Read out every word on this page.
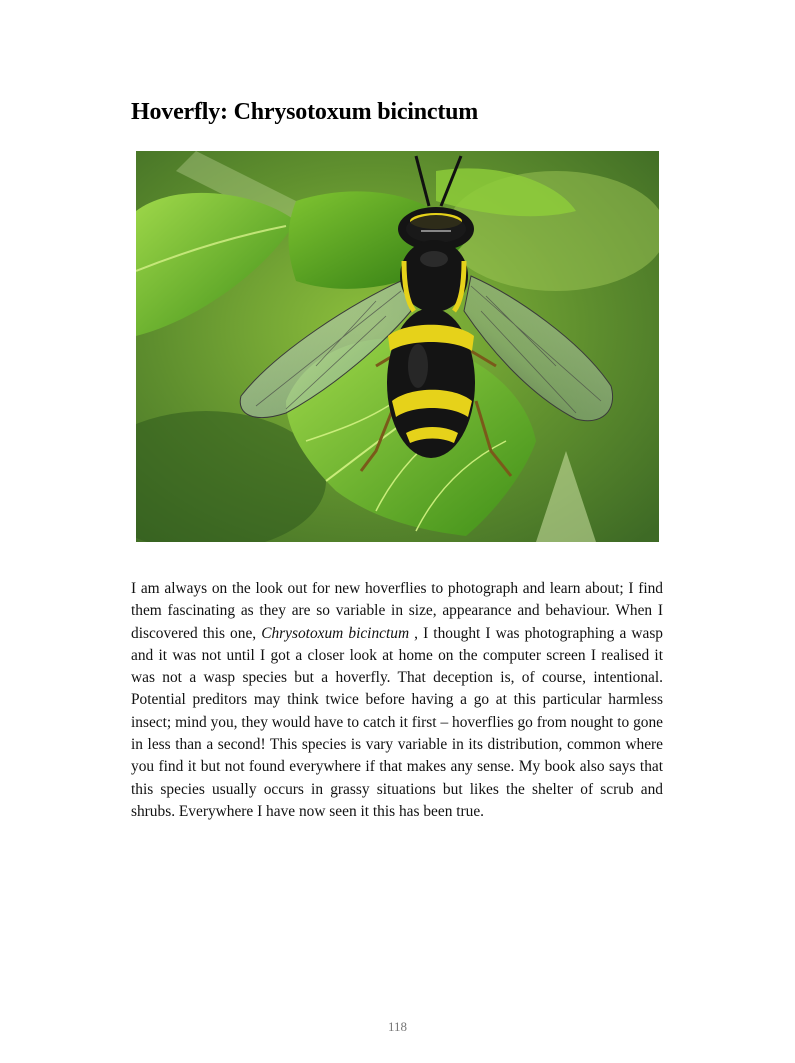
Hoverfly: Chrysotoxum bicinctum

I am always on the look out for new hoverflies to photograph and learn about; I find them fascinating as they are so variable in size, appearance and behaviour. When I discovered this one, Chrysotoxum bicinctum , I thought I was photographing a wasp and it was not until I got a closer look at home on the computer screen I realised it was not a wasp species but a hoverfly. That deception is, of course, intentional. Potential preditors may think twice before having a go at this particular harmless insect; mind you, they would have to catch it first – hoverflies go from nought to gone in less than a second! This species is vary variable in its distribution, common where you find it but not found everywhere if that makes any sense. My book also says that this species usually occurs in grassy situations but likes the shelter of scrub and shrubs. Everywhere I have now seen it this has been true.

118
